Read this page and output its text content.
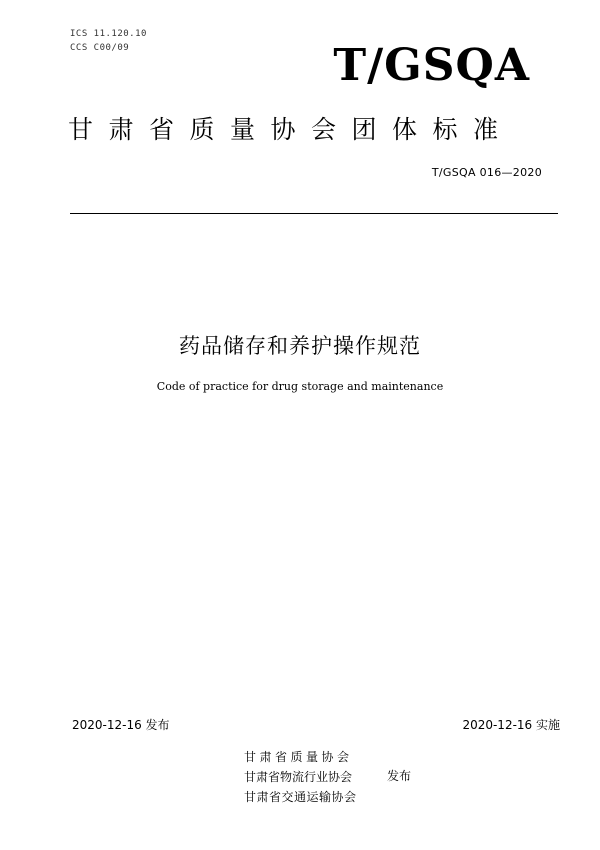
ICS 11.120.10
CCS C00/09	T/GSQA
甘肃省质量协会团体标准
T/GSQA 016—2020
药品储存和养护操作规范
Code of practice for drug storage and maintenance
2020-12-16 发布	2020-12-16 实施
甘肃省质量协会
甘肃省物流行业协会
甘肃省交通运输协会
发布
